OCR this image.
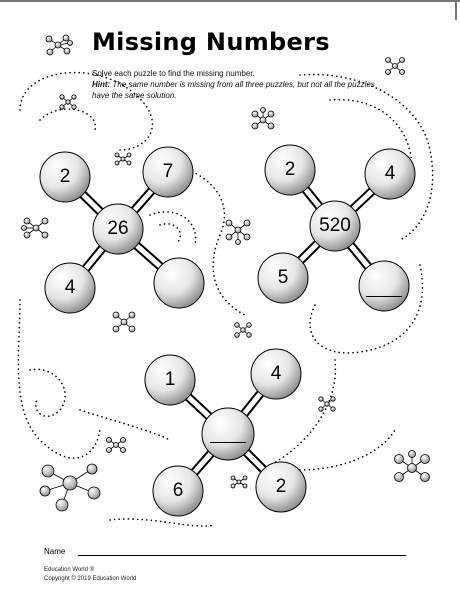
Missing Numbers
Solve each puzzle to find the missing number.
Hint: The same number is missing from all three puzzles, but not all the puzzles have the same solution.
2	7
4
26
2	4
5
____
520
1	4
6	2
____
Name
Education World ®
Copyright © 2019 Education World
